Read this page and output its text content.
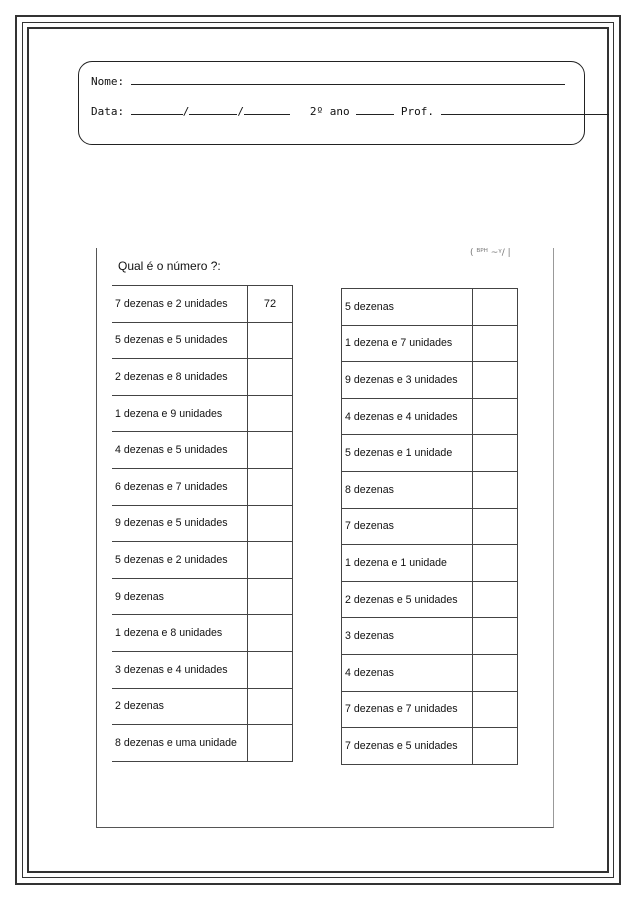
Nome:
Data:	/	/	2º ano	Prof.
( ᴮᴾᴴ ~ᵞ/ |
Qual é o número ?:
7 dezenas e 2 unidades	72
5 dezenas e 5 unidades
2 dezenas e 8 unidades
1 dezena e 9 unidades
4 dezenas e 5 unidades
6 dezenas e 7 unidades
9 dezenas e 5 unidades
5 dezenas e 2 unidades
9 dezenas
1 dezena e 8 unidades
3 dezenas e 4 unidades
2 dezenas
8 dezenas e uma unidade
5 dezenas
1 dezena e 7 unidades
9 dezenas e 3 unidades
4 dezenas e 4 unidades
5 dezenas e 1 unidade
8 dezenas
7 dezenas
1 dezena e 1 unidade
2 dezenas e 5 unidades
3 dezenas
4 dezenas
7 dezenas e 7 unidades
7 dezenas e 5 unidades
